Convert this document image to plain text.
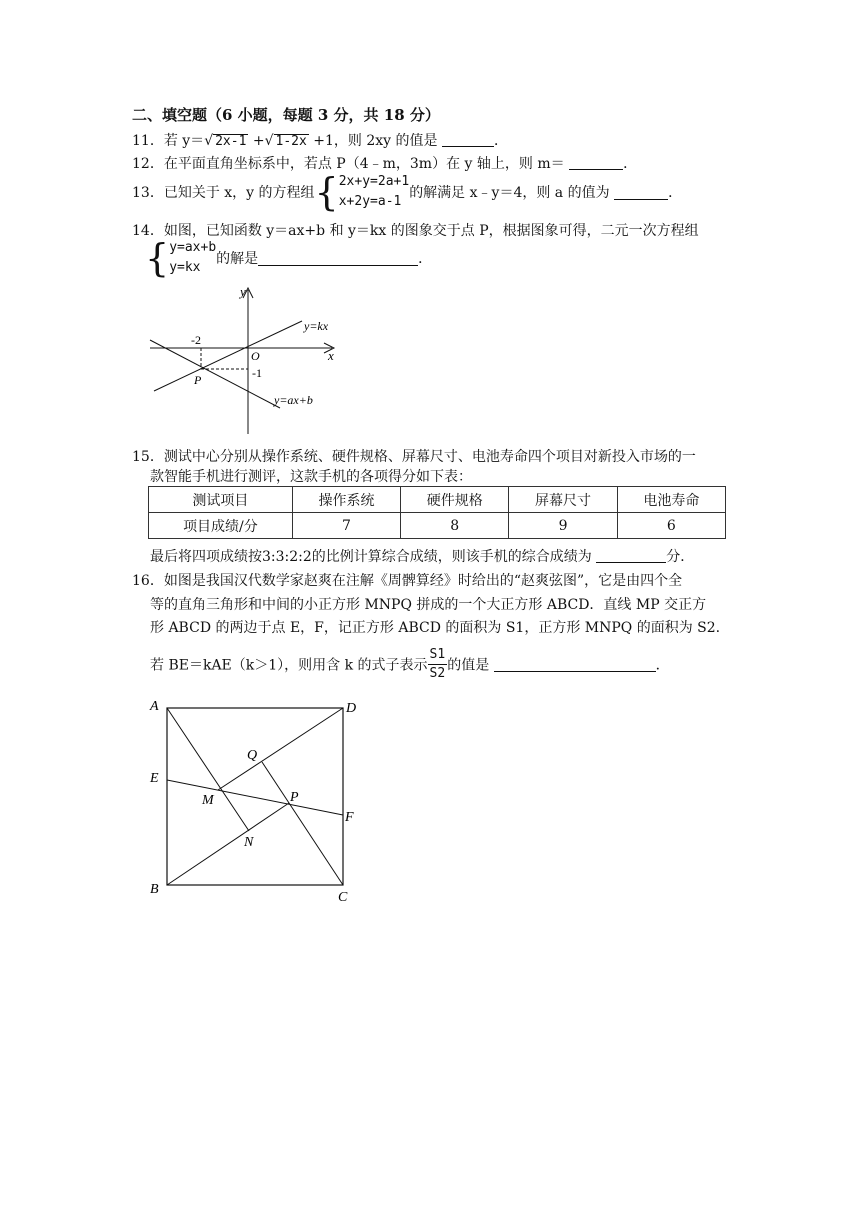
二、填空题（6 小题，每题 3 分，共 18 分）
11．若 y＝√ 2x-1 +√ 1-2x +1，则 2xy 的值是	．
12．在平面直角坐标系中，若点 P（4﹣m，3m）在 y 轴上，则 m＝	．
13．已知关于 x，y 的方程组{2x+y=2a+1
x+2y=a-1的解满足 x﹣y＝4，则 a 的值为	．
14．如图，已知函数 y＝ax+b 和 y＝kx 的图象交于点 P，根据图象可得，二元一次方程组
{y=ax+b
y=kx的解是	．
y
x
O
-2
-1
P
y=kx
y=ax+b
15．测试中心分别从操作系统、硬件规格、屏幕尺寸、电池寿命四个项目对新投入市场的一
款智能手机进行测评，这款手机的各项得分如下表：
测试项目	操作系统	硬件规格	屏幕尺寸	电池寿命
项目成绩/分	7	8	9	6
最后将四项成绩按3:3:2:2的比例计算综合成绩，则该手机的综合成绩为	分．
16．如图是我国汉代数学家赵爽在注解《周髀算经》时给出的“赵爽弦图”，它是由四个全
等的直角三角形和中间的小正方形 MNPQ 拼成的一个大正方形 ABCD．直线 MP 交正方
形 ABCD 的两边于点 E，F，记正方形 ABCD 的面积为 S1，正方形 MNPQ 的面积为 S2.
若 BE＝kAE（k＞1），则用含 k 的式子表示 $\frac{S1}{S2}$ 的值是	．
A	D
B
C
E
F
M
N
P
Q
